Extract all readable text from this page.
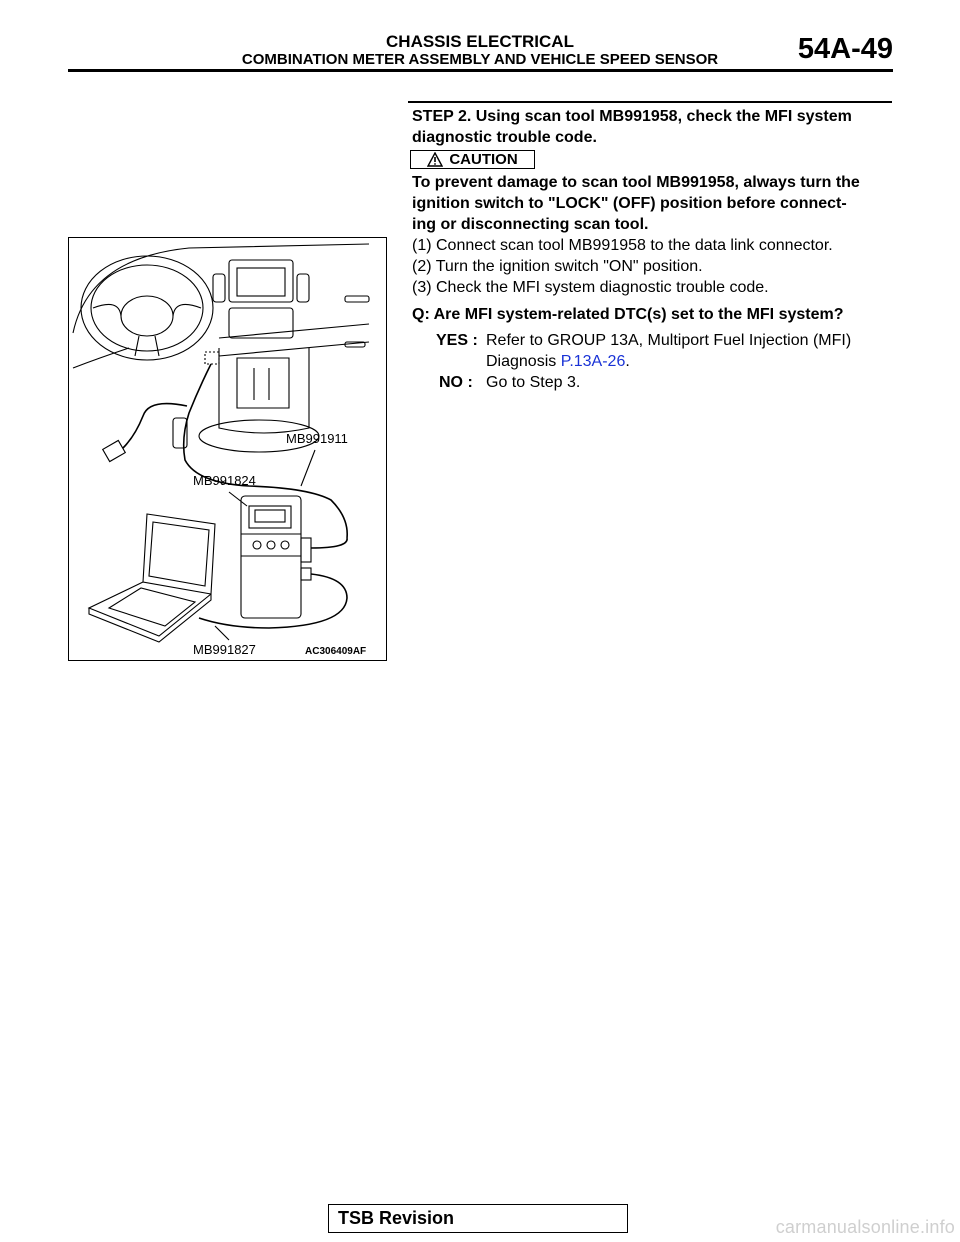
CHASSIS ELECTRICAL
COMBINATION METER ASSEMBLY AND VEHICLE SPEED SENSOR	54A-49
STEP 2. Using scan tool MB991958, check the MFI system
diagnostic trouble code.
CAUTION
To prevent damage to scan tool MB991958, always turn the
ignition switch to "LOCK" (OFF) position before connect-
ing or disconnecting scan tool.
(1) Connect scan tool MB991958 to the data link connector.
(2) Turn the ignition switch "ON" position.
(3) Check the MFI system diagnostic trouble code.
Q: Are MFI system-related DTC(s) set to the MFI system?
YES : Refer to GROUP 13A, Multiport Fuel Injection (MFI)
Diagnosis P.13A-26.
NO : Go to Step 3.
MB991911
MB991824
MB991827	AC306409AF
TSB Revision	carmanualsonline.info
